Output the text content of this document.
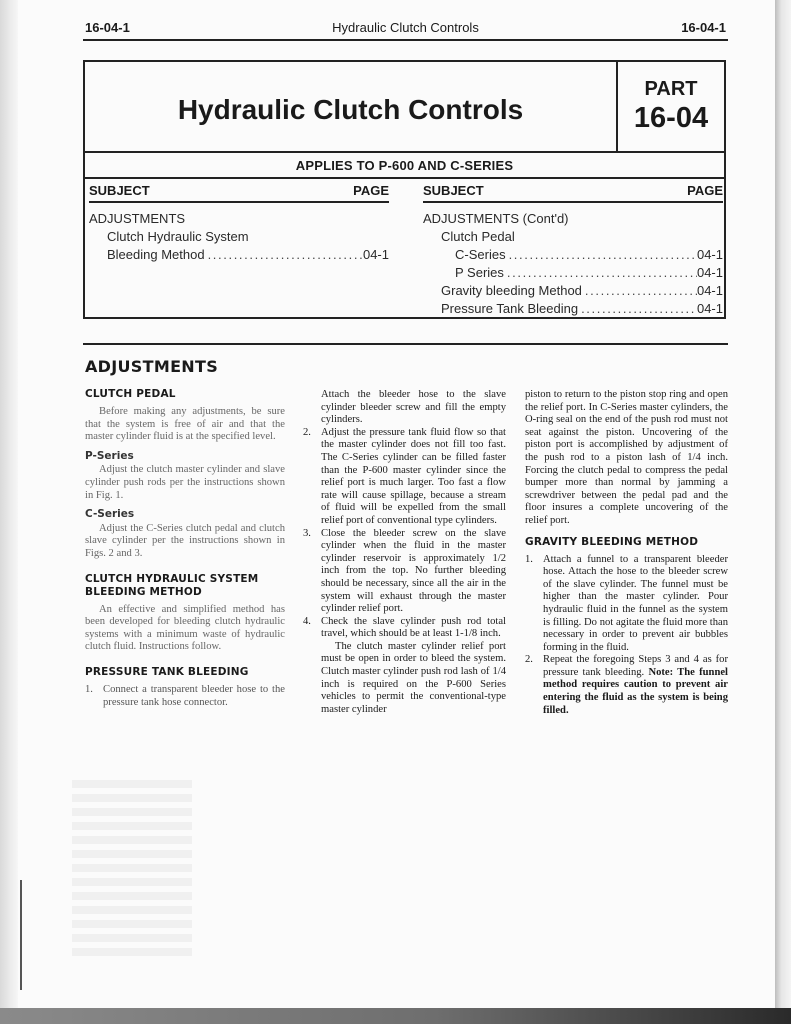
16-04-1	Hydraulic Clutch Controls	16-04-1
Hydraulic Clutch Controls
PART
16-04
APPLIES TO P-600 AND C-SERIES
SUBJECT	PAGE
ADJUSTMENTS
Clutch Hydraulic System
Bleeding Method . . .	04-1
SUBJECT	PAGE
ADJUSTMENTS (Cont'd)
Clutch Pedal
C-Series . . .	04-1
P Series . . .	04-1
Gravity bleeding Method . . .	04-1
Pressure Tank Bleeding . . .	04-1
ADJUSTMENTS
CLUTCH PEDAL

Before making any adjustments, be sure that the system is free of air and that the master cylinder fluid is at the specified level.

P-Series

Adjust the clutch master cylinder and slave cylinder push rods per the instructions shown in Fig. 1.

C-Series

Adjust the C-Series clutch pedal and clutch slave cylinder per the instructions shown in Figs. 2 and 3.

CLUTCH HYDRAULIC SYSTEM BLEEDING METHOD

An effective and simplified method has been developed for bleeding clutch hydraulic systems with a minimum waste of hydraulic clutch fluid. Instructions follow.

PRESSURE TANK BLEEDING
1. Connect a transparent bleeder hose to the pressure tank hose connector.

Attach the bleeder hose to the slave cylinder bleeder screw and fill the empty cylinders.

2. Adjust the pressure tank fluid flow so that the master cylinder does not fill too fast. The C-Series cylinder can be filled faster than the P-600 master cylinder since the relief port is much larger. Too fast a flow rate will cause spillage, because a stream of fluid will be expelled from the small relief port of conventional type cylinders.
3. Close the bleeder screw on the slave cylinder when the fluid in the master cylinder reservoir is approximately 1/2 inch from the top. No further bleeding should be necessary, since all the air in the system will exhaust through the master cylinder relief port.
4. Check the slave cylinder push rod total travel, which should be at least 1-1/8 inch.

The clutch master cylinder relief port must be open in order to bleed the system. Clutch master cylinder push rod lash of 1/4 inch is required on the P-600 Series vehicles to permit the conventional-type master cylinder

piston to return to the piston stop ring and open the relief port. In C-Series master cylinders, the O-ring seal on the end of the push rod must not seat against the piston. Uncovering of the piston port is accomplished by adjustment of the push rod to a piston lash of 1/4 inch. Forcing the clutch pedal to compress the pedal bumper more than normal by jamming a screwdriver between the pedal pad and the floor insures a complete uncovering of the relief port.

GRAVITY BLEEDING METHOD
1. Attach a funnel to a transparent bleeder hose. Attach the hose to the bleeder screw of the slave cylinder. The funnel must be higher than the master cylinder. Pour hydraulic fluid in the funnel as the system is filling. Do not agitate the fluid more than necessary in order to prevent air bubbles forming in the fluid.
2. Repeat the foregoing Steps 3 and 4 as for pressure tank bleeding. Note: The funnel method requires caution to prevent air entering the fluid as the system is being filled.
